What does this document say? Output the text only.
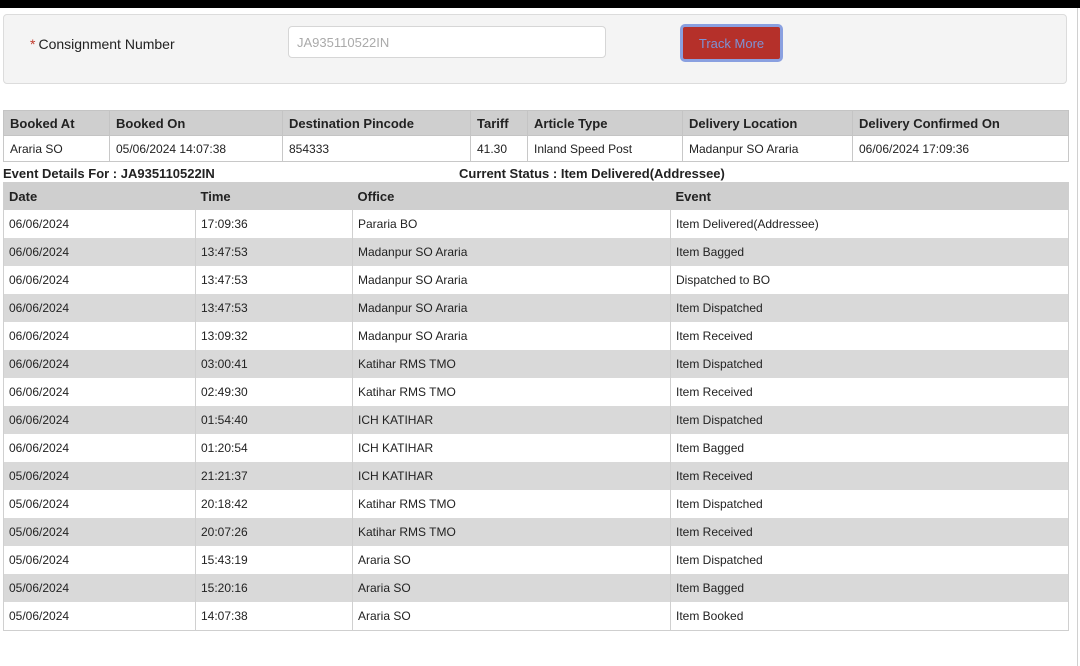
* Consignment Number
JA935110522IN	Track More
Booked At	Booked On	Destination Pincode	Tariff	Article Type	Delivery Location	Delivery Confirmed On
Araria SO	05/06/2024 14:07:38	854333	41.30	Inland Speed Post	Madanpur SO Araria	06/06/2024 17:09:36
Event Details For : JA935110522IN	Current Status : Item Delivered(Addressee)
Date	Time	Office	Event
06/06/2024	17:09:36	Pararia BO	Item Delivered(Addressee)
06/06/2024	13:47:53	Madanpur SO Araria	Item Bagged
06/06/2024	13:47:53	Madanpur SO Araria	Dispatched to BO
06/06/2024	13:47:53	Madanpur SO Araria	Item Dispatched
06/06/2024	13:09:32	Madanpur SO Araria	Item Received
06/06/2024	03:00:41	Katihar RMS TMO	Item Dispatched
06/06/2024	02:49:30	Katihar RMS TMO	Item Received
06/06/2024	01:54:40	ICH KATIHAR	Item Dispatched
06/06/2024	01:20:54	ICH KATIHAR	Item Bagged
05/06/2024	21:21:37	ICH KATIHAR	Item Received
05/06/2024	20:18:42	Katihar RMS TMO	Item Dispatched
05/06/2024	20:07:26	Katihar RMS TMO	Item Received
05/06/2024	15:43:19	Araria SO	Item Dispatched
05/06/2024	15:20:16	Araria SO	Item Bagged
05/06/2024	14:07:38	Araria SO	Item Booked
